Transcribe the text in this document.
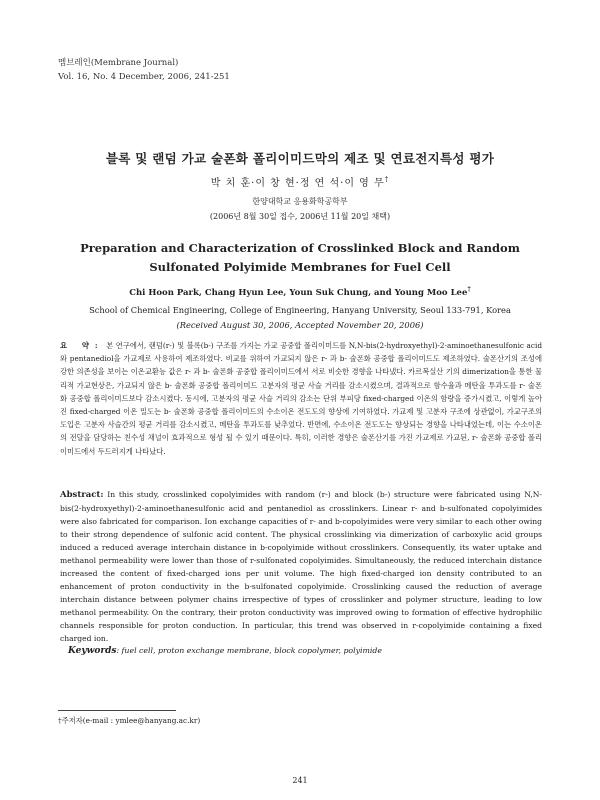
멤브레인(Membrane Journal)
Vol. 16, No. 4 December, 2006, 241-251
블록 및 랜덤 가교 술폰화 폴리이미드막의 제조 및 연료전지특성 평가
박 치 훈·이 창 현·정 연 석·이 영 무†
한양대학교 응용화학공학부
(2006년 8월 30일 접수, 2006년 11월 20일 채택)
Preparation and Characterization of Crosslinked Block and Random Sulfonated Polyimide Membranes for Fuel Cell
Chi Hoon Park, Chang Hyun Lee, Youn Suk Chung, and Young Moo Lee†
School of Chemical Engineering, College of Engineering, Hanyang University, Seoul 133-791, Korea
(Received August 30, 2006, Accepted November 20, 2006)
요 약: 본 연구에서, 랜덤(r-) 및 블록(b-) 구조를 가지는 가교 공중합 폴리이미드를 N,N-bis(2-hydroxyethyl)-2-aminoethanesulfonic acid와 pentanediol을 가교제로 사용하여 제조하였다. 비교를 위하여 가교되지 않은 r- 과 b- 술폰화 공중합 폴리이미드도 제조하였다. 술폰산기의 조성에 강한 의존성을 보이는 이온교환능 값은 r- 과 b- 술폰화 공중합 폴리이미드에서 서로 비슷한 경향을 나타냈다. 카르복실산 기의 dimerization을 통한 물리적 가교현상은, 가교되지 않은 b- 술폰화 공중합 폴리이미드 고분자의 평균 사슬 거리를 감소시켰으며, 결과적으로 함수율과 메탄올 투과도를 r- 술폰화 공중합 폴리이미드보다 감소시켰다. 동시에, 고분자의 평균 사슬 거리의 감소는 단위 부피당 fixed-charged 이온의 함량을 증가시켰고, 이렇게 높아진 fixed-charged 이온 밀도는 b- 술폰화 공중합 폴리이미드의 수소이온 전도도의 향상에 기여하였다. 가교제 및 고분자 구조에 상관없이, 가교구조의 도입은 고분자 사슬간의 평균 거리를 감소시켰고, 메탄올 투과도를 낮추었다. 반면에, 수소이온 전도도는 향상되는 경향을 나타내었는데, 이는 수소이온의 전달을 담당하는 친수성 채널이 효과적으로 형성 될 수 있기 때문이다. 특히, 이러한 경향은 술폰산기를 가진 가교제로 가교된, r- 술폰화 공중합 폴리이미드에서 두드러지게 나타났다.
Abstract: In this study, crosslinked copolyimides with random (r-) and block (b-) structure were fabricated using N,N-bis(2-hydroxyethyl)-2-aminoethanesulfonic acid and pentanediol as crosslinkers. Linear r- and b-sulfonated copolyimides were also fabricated for comparison. Ion exchange capacities of r- and b-copolyimides were very similar to each other owing to their strong dependence of sulfonic acid content. The physical crosslinking via dimerization of carboxylic acid groups induced a reduced average interchain distance in b-copolyimide without crosslinkers. Consequently, its water uptake and methanol permeability were lower than those of r-sulfonated copolyimides. Simultaneously, the reduced interchain distance increased the content of fixed-charged ions per unit volume. The high fixed-charged ion density contributed to an enhancement of proton conductivity in the b-sulfonated copolyimide. Crosslinking caused the reduction of average interchain distance between polymer chains irrespective of types of crosslinker and polymer structure, leading to low methanol permeability. On the contrary, their proton conductivity was improved owing to formation of effective hydrophilic channels responsible for proton conduction. In particular, this trend was observed in r-copolyimide containing a fixed charged ion.
Keywords: fuel cell, proton exchange membrane, block copolymer, polyimide
†주저자(e-mail : ymlee@hanyang.ac.kr)
241
